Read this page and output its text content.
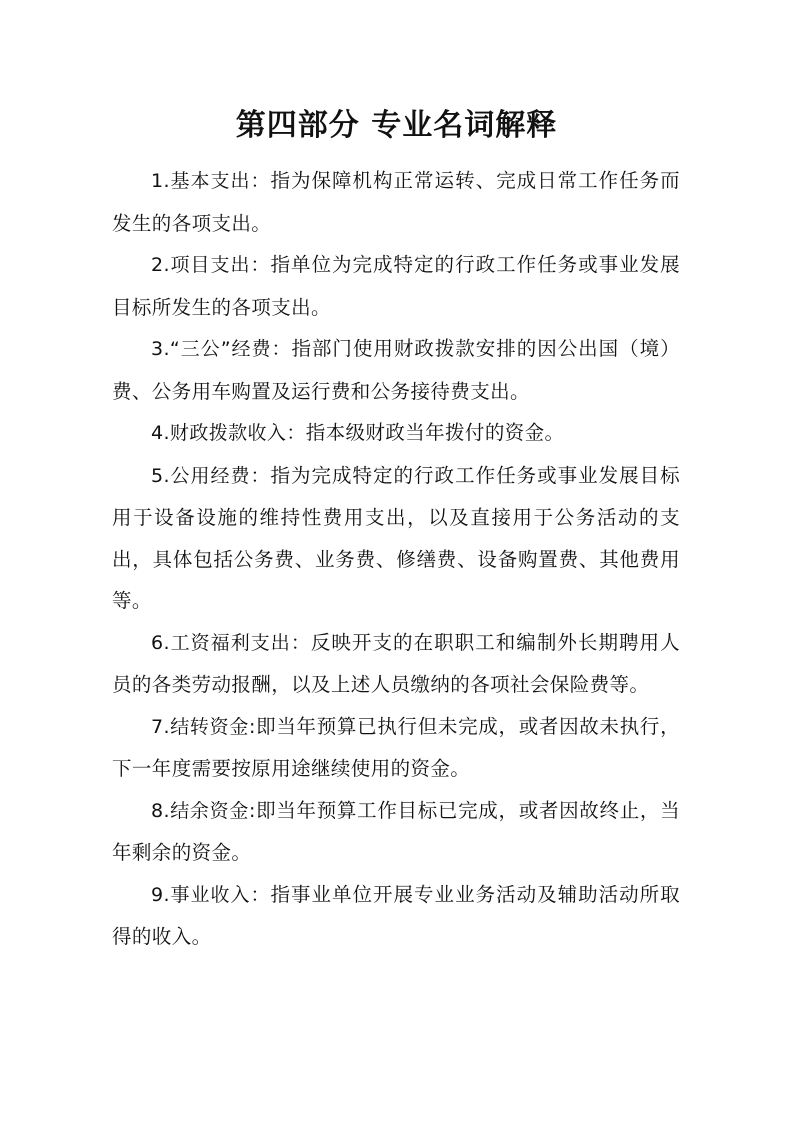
第四部分 专业名词解释

1.基本支出：指为保障机构正常运转、完成日常工作任务而发生的各项支出。

2.项目支出：指单位为完成特定的行政工作任务或事业发展目标所发生的各项支出。

3.“三公”经费：指部门使用财政拨款安排的因公出国（境）费、公务用车购置及运行费和公务接待费支出。

4.财政拨款收入：指本级财政当年拨付的资金。

5.公用经费：指为完成特定的行政工作任务或事业发展目标用于设备设施的维持性费用支出，以及直接用于公务活动的支出，具体包括公务费、业务费、修缮费、设备购置费、其他费用等。

6.工资福利支出：反映开支的在职职工和编制外长期聘用人员的各类劳动报酬，以及上述人员缴纳的各项社会保险费等。

7.结转资金:即当年预算已执行但未完成，或者因故未执行，下一年度需要按原用途继续使用的资金。

8.结余资金:即当年预算工作目标已完成，或者因故终止，当年剩余的资金。

9.事业收入：指事业单位开展专业业务活动及辅助活动所取得的收入。
